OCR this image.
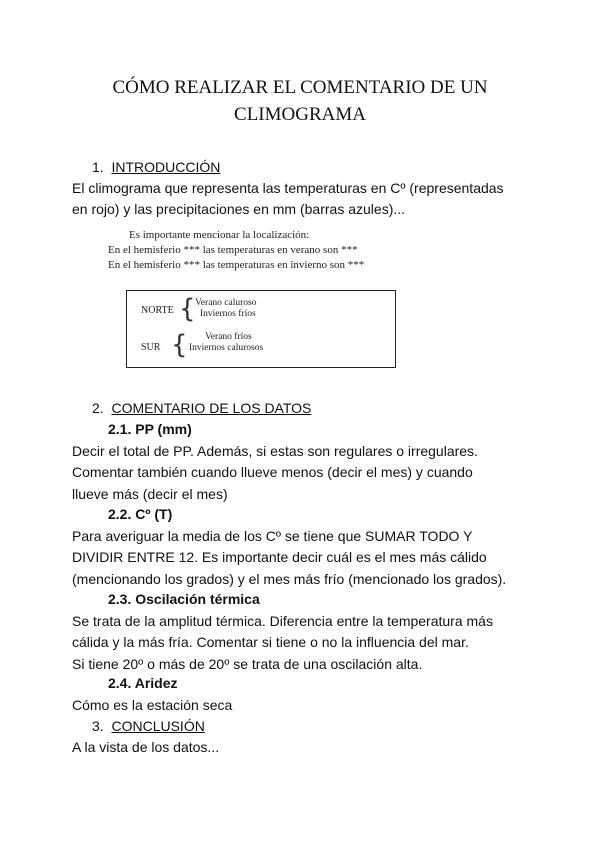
CÓMO REALIZAR EL COMENTARIO DE UN
CLIMOGRAMA
1. INTRODUCCIÓN
El climograma que representa las temperaturas en Cº (representadas
en rojo) y las precipitaciones en mm (barras azules)...
Es importante mencionar la localización:
En el hemisferio *** las temperaturas en verano son ***
En el hemisferio *** las temperaturas en invierno son ***
NORTE { Verano caluroso
Inviernos fríos
SUR { Verano fríos
Inviernos calurosos
2. COMENTARIO DE LOS DATOS
2.1. PP (mm)
Decir el total de PP. Además, si estas son regulares o irregulares.
Comentar también cuando llueve menos (decir el mes) y cuando
llueve más (decir el mes)
2.2. Cº (T)
Para averiguar la media de los Cº se tiene que SUMAR TODO Y
DIVIDIR ENTRE 12. Es importante decir cuál es el mes más cálido
(mencionando los grados) y el mes más frío (mencionado los grados).
2.3. Oscilación térmica
Se trata de la amplitud térmica. Diferencia entre la temperatura más
cálida y la más fría. Comentar si tiene o no la influencia del mar.
Si tiene 20º o más de 20º se trata de una oscilación alta.
2.4. Aridez
Cómo es la estación seca
3. CONCLUSIÓN
A la vista de los datos...
